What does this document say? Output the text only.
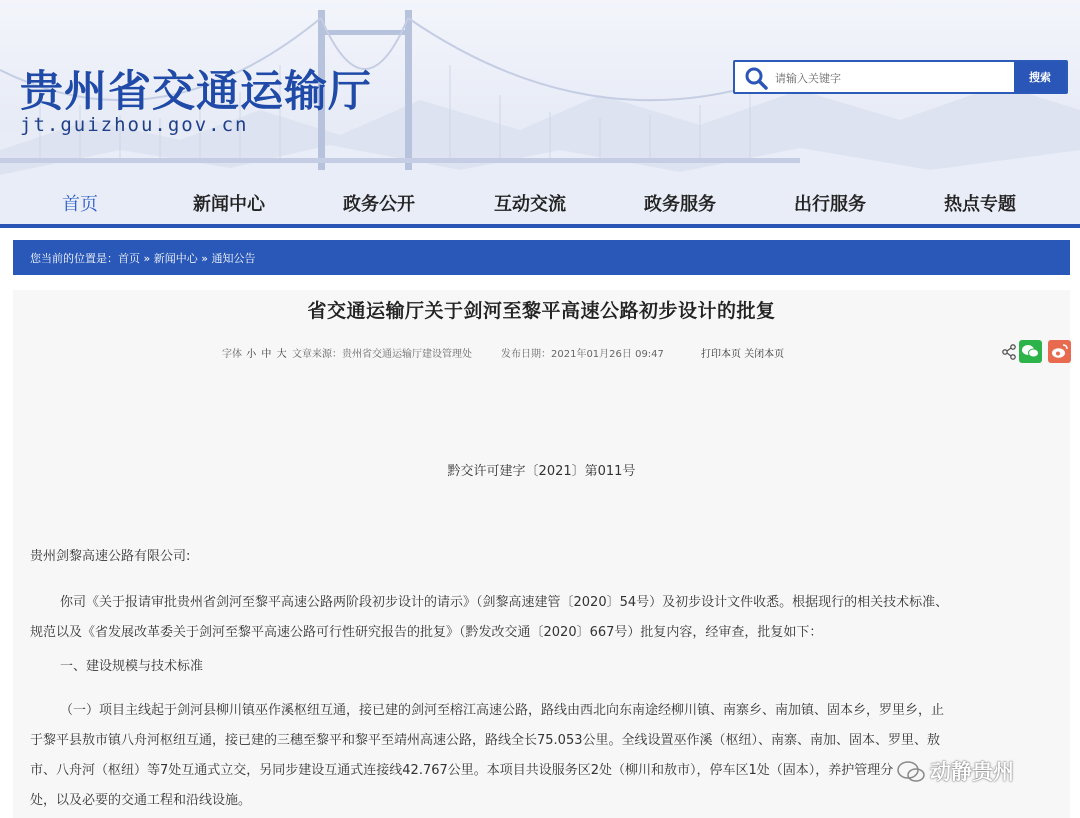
贵州省交通运输厅
jt.guizhou.gov.cn
请输入关键字
搜索
首页	新闻中心	政务公开	互动交流	政务服务	出行服务	热点专题
您当前的位置是：首页 » 新闻中心 » 通知公告
省交通运输厅关于剑河至黎平高速公路初步设计的批复
字体 小 中 大 文章来源：贵州省交通运输厅建设管理处	发布日期：2021年01月26日 09:47	打印本页 关闭本页
黔交许可建字〔2021〕第011号
贵州剑黎高速公路有限公司:
你司《关于报请审批贵州省剑河至黎平高速公路两阶段初步设计的请示》（剑黎高速建管〔2020〕54号）及初步设计文件收悉。根据现行的相关技术标准、
规范以及《省发展改革委关于剑河至黎平高速公路可行性研究报告的批复》（黔发改交通〔2020〕667号）批复内容，经审查，批复如下：
一、建设规模与技术标准
（一）项目主线起于剑河县柳川镇巫作溪枢纽互通，接已建的剑河至榕江高速公路，路线由西北向东南途经柳川镇、南寨乡、南加镇、固本乡，罗里乡，止
于黎平县敖市镇八舟河枢纽互通，接已建的三穗至黎平和黎平至靖州高速公路，路线全长75.053公里。全线设置巫作溪（枢纽）、南寨、南加、固本、罗里、敖
市、八舟河（枢纽）等7处互通式立交，另同步建设互通式连接线42.767公里。本项目共设服务区2处（柳川和敖市），停车区1处（固本），养护管理分
处，以及必要的交通工程和沿线设施。
动静贵州
